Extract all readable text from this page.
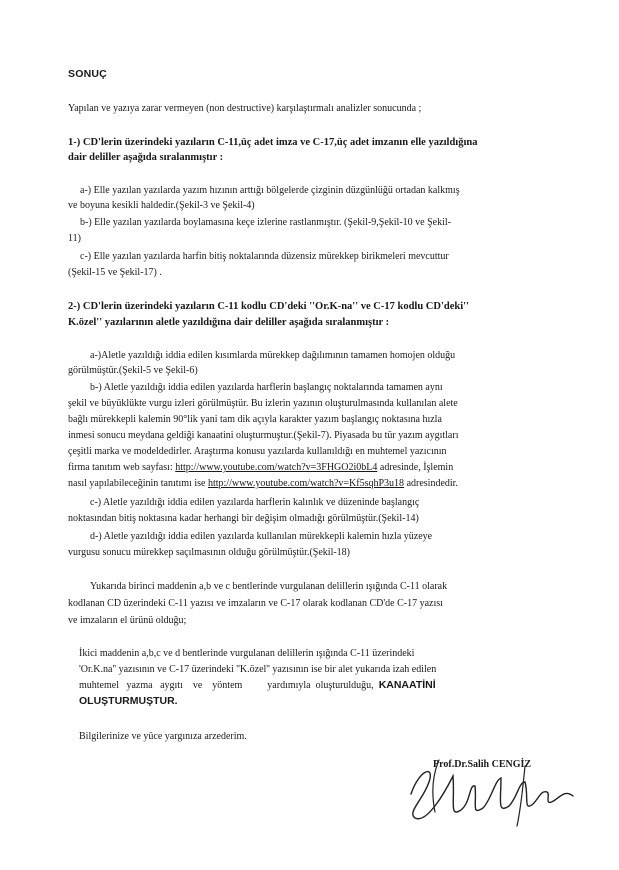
SONUÇ
Yapılan ve yazıya zarar vermeyen (non destructive) karşılaştırmalı analizler sonucunda ;
1-) CD'lerin üzerindeki yazıların C-11,üç adet imza ve C-17,üç adet imzanın elle yazıldığına
dair deliller aşağıda sıralanmıştır :
a-) Elle yazılan yazılarda yazım hızının arttığı bölgelerde çizginin düzgünlüğü ortadan kalkmış
ve boyuna kesikli haldedir.(Şekil-3 ve Şekil-4)
b-) Elle yazılan yazılarda boylamasına keçe izlerine rastlanmıştır. (Şekil-9,Şekil-10 ve Şekil-
11)
c-) Elle yazılan yazılarda harfin bitiş noktalarında düzensiz mürekkep birikmeleri mevcuttur
(Şekil-15 ve Şekil-17) .
2-) CD'lerin üzerindeki yazıların C-11 kodlu CD'deki ''Or.K-na'' ve C-17 kodlu CD'deki''
K.özel'' yazılarının aletle yazıldığına dair deliller aşağıda sıralanmıştır :
a-)Aletle yazıldığı iddia edilen kısımlarda mürekkep dağılımının tamamen homojen olduğu
görülmüştür.(Şekil-5 ve Şekil-6)
b-) Aletle yazıldığı iddia edilen yazılarda harflerin başlangıç noktalarında tamamen aynı
şekil ve büyüklükte vurgu izleri görülmüştür. Bu izlerin yazının oluşturulmasında kullanılan alete
bağlı mürekkepli kalemin 90°lik yani tam dik açıyla karakter yazım başlangıç noktasına hızla
inmesi sonucu meydana geldiği kanaatini oluşturmuştur.(Şekil-7). Piyasada bu tür yazım aygıtları
çeşitli marka ve modeldedirler. Araştırma konusu yazılarda kullanıldığı en muhtemel yazıcının
firma tanıtım web sayfası: http://www.youtube.com/watch?v=3FHGO2i0bL4 adresinde, İşlemin
nasıl yapılabileceğinin tanıtımı ise http://www.youtube.com/watch?v=Kf5sqhP3u18 adresindedir.
c-) Aletle yazıldığı iddia edilen yazılarda harflerin kalınlık ve düzeninde başlangıç
noktasından bitiş noktasına kadar herhangi bir değişim olmadığı görülmüştür.(Şekil-14)
d-) Aletle yazıldığı iddia edilen yazılarda kullanılan mürekkepli kalemin hızla yüzeye
vurgusu sonucu mürekkep saçılmasının olduğu görülmüştür.(Şekil-18)
Yukarıda birinci maddenin a,b ve c bentlerinde vurgulanan delillerin ışığında C-11 olarak
kodlanan CD üzerindeki C-11 yazısı ve imzaların ve C-17 olarak kodlanan CD'de C-17 yazısı
ve imzaların el ürünü olduğu;
İkici maddenin a,b,c ve d bentlerinde vurgulanan delillerin ışığında C-11 üzerindeki
'Or.K.na'' yazısının ve C-17 üzerindeki ''K.özel'' yazısının ise bir alet yukarıda izah edilen
muhtemel   yazma   aygıtı    ve    yöntem	yardımıyla  oluşturulduğu, KANAATİNİ
OLUŞTURMUŞTUR.
Bilgilerinize ve yüce yargınıza arzederim.
Prof.Dr.Salih CENGİZ
